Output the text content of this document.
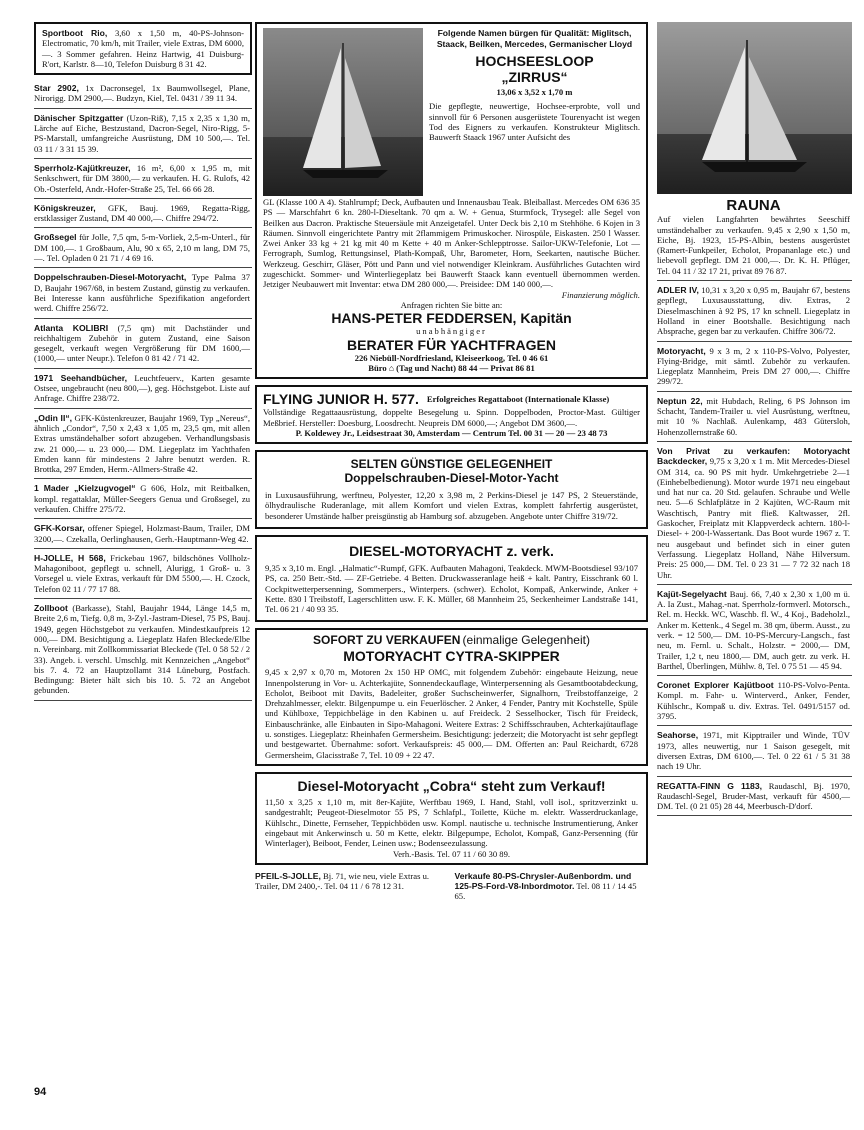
Sportboot Rio, 3,60 x 1,50 m, 40-PS-Johnson-Electromatic, 70 km/h, mit Trailer, viele Extras, DM 6000,—. 3 Sommer gefahren. Heinz Hartwig, 41 Duisburg-R'ort, Karlstr. 8—10, Telefon Duisburg 8 31 42.
Star 2902, 1x Dacronsegel, 1x Baumwollsegel, Plane, Nirorigg. DM 2900,—. Budzyn, Kiel, Tel. 0431 / 39 11 34.
Dänischer Spitzgatter (Uzon-Riß), 7,15 x 2,35 x 1,30 m, Lärche auf Eiche, Bestzustand, Dacron-Segel, Niro-Rigg, 5-PS-Marstall, umfangreiche Ausrüstung, DM 10 500,—. Tel. 03 11 / 3 31 15 39.
Sperrholz-Kajütkreuzer, 16 m², 6,00 x 1,95 m, mit Senkschwert, für DM 3800,— zu verkaufen. H. G. Rulofs, 42 Ob.-Osterfeld, Andr.-Hofer-Straße 25, Tel. 66 66 28.
Königskreuzer, GFK, Bauj. 1969, Regatta-Rigg, erstklassiger Zustand, DM 40 000,—. Chiffre 294/72.
Großsegel für Jolle, 7,5 qm, 5-m-Vorliek, 2,5-m-Unterl., für DM 100,—. 1 Großbaum, Alu, 90 x 65, 2,10 m lang, DM 75,—. Tel. Opladen 0 21 71 / 4 69 16.
Doppelschrauben-Diesel-Motoryacht, Type Palma 37 D, Baujahr 1967/68, in bestem Zustand, günstig zu verkaufen. Bei Interesse kann ausführliche Spezifikation angefordert werd. Chiffre 256/72.
Atlanta KOLIBRI (7,5 qm) mit Dachständer und reichhaltigem Zubehör in gutem Zustand, eine Saison gesegelt, verkauft wegen Vergrößerung für DM 1600,— (1000,— unter Neupr.). Telefon 0 81 42 / 71 42.
1971 Seehandbücher, Leuchtfeuerv., Karten gesamte Ostsee, ungebraucht (neu 800,—), geg. Höchstgebot. Liste auf Anfrage. Chiffre 238/72.
„Odin II“, GFK-Küstenkreuzer, Baujahr 1969, Typ „Nereus“, ähnlich „Condor“, 7,50 x 2,43 x 1,05 m, 23,5 qm, mit allen Extras umständehalber sofort abzugeben. Verhandlungsbasis zw. 21 000,— u. 23 000,— DM. Liegeplatz im Yachthafen Emden kann für mindestens 2 Jahre benutzt werden. R. Brottka, 297 Emden, Herm.-Allmers-Straße 42.
1 Mader „Kielzugvogel“ G 606, Holz, mit Reitbalken, kompl. regattaklar, Müller-Seegers Genua und Großsegel, zu verkaufen. Chiffre 275/72.
GFK-Korsar, offener Spiegel, Holzmast-Baum, Trailer, DM 3200,—. Czekalla, Oerlinghausen, Gerh.-Hauptmann-Weg 42.
H-JOLLE, H 568, Frickebau 1967, bildschönes Vollholz-Mahagoniboot, gepflegt u. schnell, Alurigg, 1 Groß- u. 3 Vorsegel u. viele Extras, verkauft für DM 5500,—. H. Czock, Telefon 02 11 / 77 17 88.
Zollboot (Barkasse), Stahl, Baujahr 1944, Länge 14,5 m, Breite 2,6 m, Tiefg. 0,8 m, 3-Zyl.-Jastram-Diesel, 75 PS, Bauj. 1949, gegen Höchstgebot zu verkaufen. Mindestkaufpreis 12 000,— DM. Besichtigung a. Liegeplatz Hafen Bleckede/Elbe n. Vereinbarg. mit Zollkommissariat Bleckede (Tel. 0 58 52 / 2 33). Angeb. i. verschl. Umschlg. mit Kennzeichen „Angebot“ bis 7. 4. 72 an Hauptzollamt 314 Lüneburg, Postfach. Bedingung: Bieter hält sich bis 10. 5. 72 an Angebot gebunden.
Folgende Namen bürgen für Qualität: Miglitsch, Staack, Beilken, Mercedes, Germanischer Lloyd
HOCHSEESLOOP
„ZIRRUS“
13,06 x 3,52 x 1,70 m
Die gepflegte, neuwertige, Hochsee-erprobte, voll und sinnvoll für 6 Personen ausgerüstete Tourenyacht ist wegen Tod des Eigners zu verkaufen. Konstrukteur Miglitsch. Bauwerft Staack 1967 unter Aufsicht des
GL (Klasse 100 A 4). Stahlrumpf; Deck, Aufbauten und Innenausbau Teak. Bleiballast. Mercedes OM 636 35 PS — Marschfahrt 6 kn. 280-l-Dieseltank. 70 qm a. W. + Genua, Sturmfock, Trysegel: alle Segel von Beilken aus Dacron. Praktische Steuersäule mit Anzeigetafel. Unter Deck bis 2,10 m Stehhöhe. 6 Kojen in 3 Räumen. Sinnvoll eingerichtete Pantry mit 2flammigem Primuskocher. Nirospüle, Eiskasten. 250 l Wasser. Zwei Anker 33 kg + 21 kg mit 40 m Kette + 40 m Anker-Schlepptrosse. Sailor-UKW-Telefonie, Lot — Ferrograph, Sumlog, Rettungsinsel, Plath-Kompaß, Uhr, Barometer, Horn, Seekarten, nautische Bücher. Werkzeug. Geschirr, Gläser, Pött und Pann und viel notwendiger Kleinkram. Ausführliches Gutachten wird zugeschickt. Sommer- und Winterliegeplatz bei Bauwerft Staack kann eventuell übernommen werden. Jetziger Neubauwert mit Inventar: etwa DM 280 000,—. Preisidee: DM 140 000,—.
Finanzierung möglich.
Anfragen richten Sie bitte an:
HANS-PETER FEDDERSEN, Kapitän
unabhängiger
BERATER FÜR YACHTFRAGEN
226 Niebüll-Nordfriesland, Kleiseerkoog, Tel. 0 46 61
Büro ⌂ (Tag und Nacht) 88 44 — Privat 86 81
FLYING JUNIOR H. 577. Erfolgreiches Regattaboot (Internationale Klasse)
Vollständige Regattaausrüstung, doppelte Besegelung u. Spinn. Doppelboden, Proctor-Mast. Gültiger Meßbrief. Hersteller: Doesburg, Loosdrecht. Neupreis DM 6000,—; Angebot DM 3600,—.
P. Koldewey Jr., Leidsestraat 30, Amsterdam — Centrum Tel. 00 31 — 20 — 23 48 73
SELTEN GÜNSTIGE GELEGENHEIT
Doppelschrauben-Diesel-Motor-Yacht
in Luxusausführung, werftneu, Polyester, 12,20 x 3,98 m, 2 Perkins-Diesel je 147 PS, 2 Steuerstände, ölhydraulische Ruderanlage, mit allem Komfort und vielen Extras, komplett fahrfertig ausgerüstet, besonderer Umstände halber preisgünstig ab Hamburg sof. abzugeben. Angebote unter Chiffre 319/72.
DIESEL-MOTORYACHT z. verk.
9,35 x 3,10 m. Engl. „Halmatic“-Rumpf, GFK. Aufbauten Mahagoni, Teakdeck. MWM-Bootsdiesel 93/107 PS, ca. 250 Betr.-Std. — ZF-Getriebe. 4 Betten. Druckwasseranlage heiß + kalt. Pantry, Eisschrank 60 l. Cockpitwetterpersenning, Sommerpers., Winterpers. (schwer). Echolot, Kompaß, Ankerwinde, Anker + Kette. 830 l Treibstoff, Lagerschlitten usw. F. K. Müller, 68 Mannheim 25, Seckenheimer Landstraße 141, Tel. 06 21 / 40 93 35.
SOFORT ZU VERKAUFEN (einmalige Gelegenheit)
MOTORYACHT CYTRA-SKIPPER
9,45 x 2,97 x 0,70 m, Motoren 2x 150 HP OMC, mit folgendem Zubehör: eingebaute Heizung, neue Innenpolsterung in Vor- u. Achterkajüte, Sonnendeckauflage, Winterpersenning als Gesamtbootabdeckung, Echolot, Beiboot mit Davits, Badeleiter, großer Suchscheinwerfer, Signalhorn, Treibstoffanzeige, 2 Drehzahlmesser, elektr. Bilgenpumpe u. ein Feuerlöscher. 2 Anker, 4 Fender, Pantry mit Kochstelle, Spüle und Kühlboxe, Teppichbeläge in den Kabinen u. auf Freideck. 2 Sesselhocker, Tisch für Freideck, Einbauschränke, alle Einbauten in Sipo-Mahagoni. Weitere Extras: 2 Schiffsschrauben, Achterkajütauflage u. sonstiges. Liegeplatz: Rheinhafen Germersheim. Besichtigung: jederzeit; die Motoryacht ist sehr gepflegt und bestgewartet. Übernahme: sofort. Verkaufspreis: 45 000,— DM. Offerten an: Paul Reichardt, 6728 Germersheim, Glacisstraße 7, Tel. 10 09 + 22 47.
Diesel-Motoryacht „Cobra“ steht zum Verkauf!
11,50 x 3,25 x 1,10 m, mit 8er-Kajüte, Werftbau 1969, I. Hand, Stahl, voll isol., spritzverzinkt u. sandgestrahlt; Peugeot-Dieselmotor 55 PS, 7 Schlafpl., Toilette, Küche m. elektr. Wasserdruckanlage, Kühlschr., Dinette, Fernseher, Teppichböden usw. Kompl. nautische u. technische Instrumentierung, Anker eingebaut mit Ankerwinsch u. 50 m Kette, elektr. Bilgepumpe, Echolot, Kompaß, Ganz-Persenning (für Winterlager), Beiboot, Fender, Leinen usw.; Bodenseezulassung.
Verh.-Basis. Tel. 07 11 / 60 30 89.
PFEIL-S-JOLLE, Bj. 71, wie neu, viele Extras u. Trailer, DM 2400,-. Tel. 04 11 / 6 78 12 31.
Verkaufe 80-PS-Chrysler-Außenbordm. und 125-PS-Ford-V8-Inbordmotor. Tel. 08 11 / 14 45 65.
RAUNA
Auf vielen Langfahrten bewährtes Seeschiff umständehalber zu verkaufen. 9,45 x 2,90 x 1,50 m, Eiche, Bj. 1923, 15-PS-Albin, bestens ausgerüstet (Ramert-Funkpeiler, Echolot, Propananlage etc.) und liebevoll gepflegt. DM 21 000,—. Dr. K. H. Pflüger, Tel. 04 11 / 32 17 21, privat 89 76 87.
ADLER IV, 10,31 x 3,20 x 0,95 m, Baujahr 67, bestens gepflegt, Luxusausstattung, div. Extras, 2 Dieselmaschinen à 92 PS, 17 kn schnell. Liegeplatz in Holland in einer Bootshalle. Besichtigung nach Absprache, gegen bar zu verkaufen. Chiffre 306/72.
Motoryacht, 9 x 3 m, 2 x 110-PS-Volvo, Polyester, Flying-Bridge, mit sämtl. Zubehör zu verkaufen. Liegeplatz Mannheim, Preis DM 27 000,—. Chiffre 299/72.
Neptun 22, mit Hubdach, Reling, 6 PS Johnson im Schacht, Tandem-Trailer u. viel Ausrüstung, werftneu, mit 10 % Nachlaß. Aulenkamp, 483 Gütersloh, Hohenzollernstraße 60.
Von Privat zu verkaufen: Motoryacht Backdecker, 9,75 x 3,20 x 1 m. Mit Mercedes-Diesel OM 314, ca. 90 PS mit hydr. Umkehrgetriebe 2—1 (Einhebelbedienung). Motor wurde 1971 neu eingebaut und hat nur ca. 20 Std. gelaufen. Schraube und Welle neu. 5—6 Schlafplätze in 2 Kajüten, WC-Raum mit Waschtisch, Pantry mit fließ. Kaltwasser, 2fl. Gaskocher, Freiplatz mit Klappverdeck achtern. 180-l-Diesel- + 200-l-Wassertank. Das Boot wurde 1967 z. T. neu ausgebaut und befindet sich in einer guten Verfassung. Liegeplatz Holland, Nähe Hilversum. Preis: 25 000,— DM. Tel. 0 23 31 — 7 72 32 nach 18 Uhr.
Kajüt-Segelyacht Bauj. 66, 7,40 x 2,30 x 1,00 m ü. A. Ia Zust., Mahag.-nat. Sperrholz-formverl. Motorsch., Rel. m. Heckk. WC, Waschb. fl. W., 4 Koj., Badeholzl., Anker m. Kettenk., 4 Segel m. 38 qm, überm. Ausst., zu verk. = 12 500,— DM. 10-PS-Mercury-Langsch., fast neu, m. Fernl. u. Schalt., Holzstr. = 2000,— DM, Trailer, 1,2 t, neu 1800,— DM, auch getr. zu verk. H. Barthel, Überlingen, Mühlw. 8, Tel. 0 75 51 — 45 94.
Coronet Explorer Kajütboot 110-PS-Volvo-Penta. Kompl. m. Fahr- u. Winterverd., Anker, Fender, Kühlschr., Kompaß u. div. Extras. Tel. 0491/5157 od. 3795.
Seahorse, 1971, mit Kipptrailer und Winde, TÜV 1973, alles neuwertig, nur 1 Saison gesegelt, mit diversen Extras, DM 6100,—. Tel. 0 22 61 / 5 31 38 nach 19 Uhr.
REGATTA-FINN G 1183, Raudaschl, Bj. 1970, Raudaschl-Segel, Bruder-Mast, verkauft für 4500,— DM. Tel. (0 21 05) 28 44, Meerbusch-D'dorf.
94
